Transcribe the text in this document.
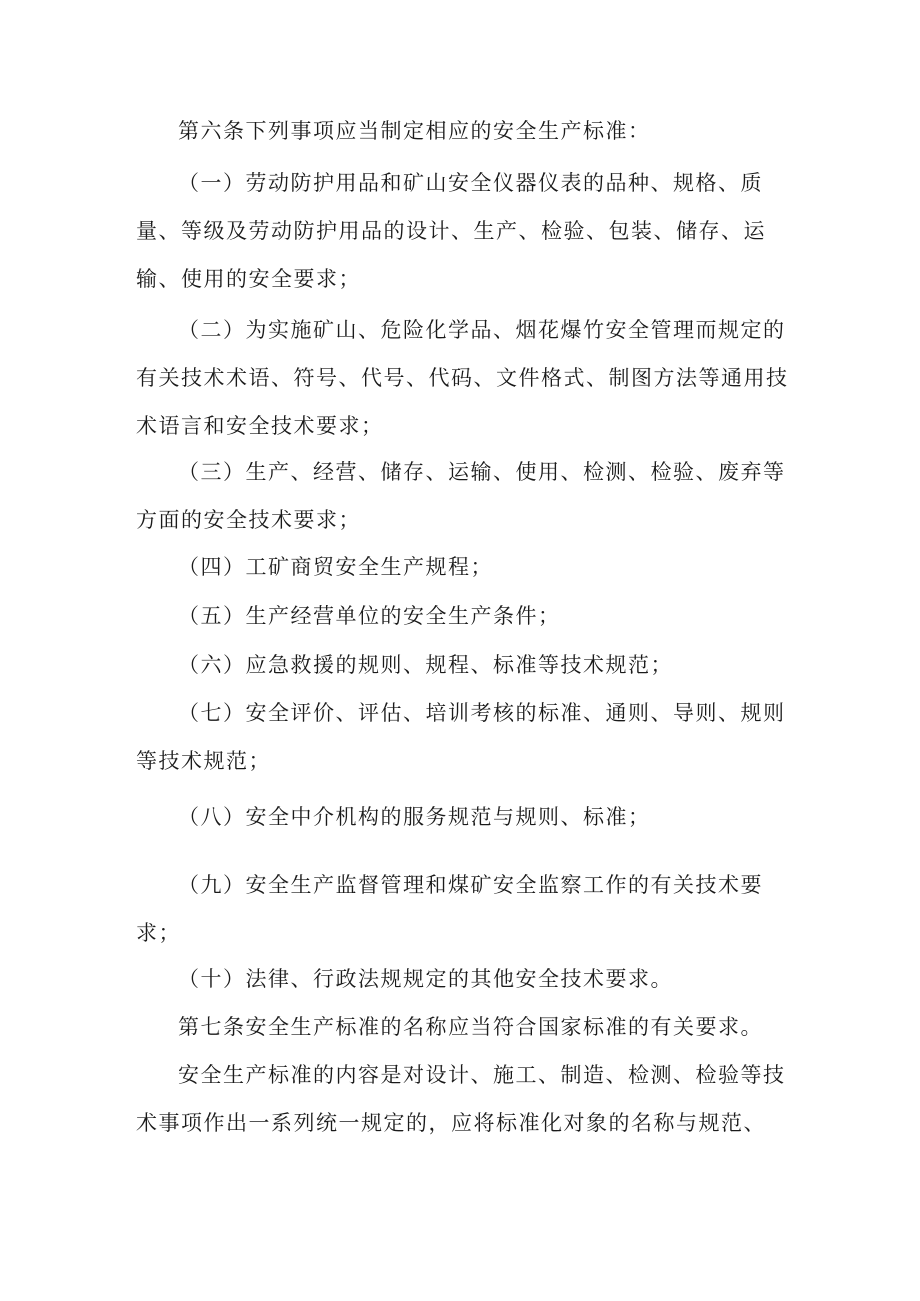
第六条下列事项应当制定相应的安全生产标准：

（一）劳动防护用品和矿山安全仪器仪表的品种、规格、质量、等级及劳动防护用品的设计、生产、检验、包装、储存、运输、使用的安全要求；

（二）为实施矿山、危险化学品、烟花爆竹安全管理而规定的有关技术术语、符号、代号、代码、文件格式、制图方法等通用技术语言和安全技术要求；

（三）生产、经营、储存、运输、使用、检测、检验、废弃等方面的安全技术要求；

（四）工矿商贸安全生产规程；

（五）生产经营单位的安全生产条件；

（六）应急救援的规则、规程、标准等技术规范；

（七）安全评价、评估、培训考核的标准、通则、导则、规则等技术规范；

（八）安全中介机构的服务规范与规则、标准；

（九）安全生产监督管理和煤矿安全监察工作的有关技术要求；

（十）法律、行政法规规定的其他安全技术要求。

第七条安全生产标准的名称应当符合国家标准的有关要求。

安全生产标准的内容是对设计、施工、制造、检测、检验等技术事项作出一系列统一规定的，应将标准化对象的名称与规范、
